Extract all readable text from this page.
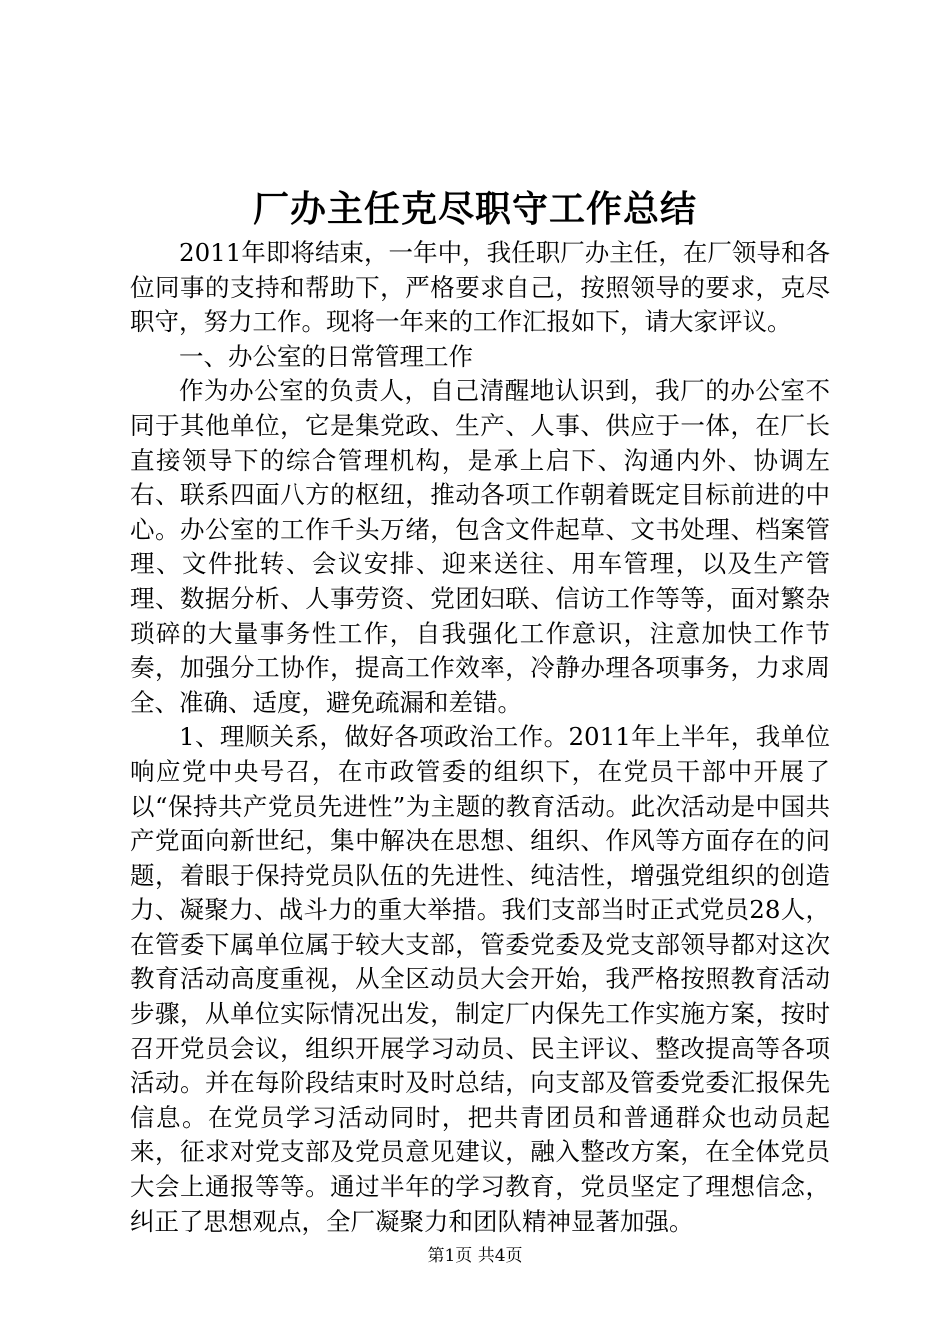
厂办主任克尽职守工作总结

2011年即将结束，一年中，我任职厂办主任，在厂领导和各位同事的支持和帮助下，严格要求自己，按照领导的要求，克尽职守，努力工作。现将一年来的工作汇报如下，请大家评议。

一、办公室的日常管理工作

作为办公室的负责人，自己清醒地认识到，我厂的办公室不同于其他单位，它是集党政、生产、人事、供应于一体，在厂长直接领导下的综合管理机构，是承上启下、沟通内外、协调左右、联系四面八方的枢纽，推动各项工作朝着既定目标前进的中心。办公室的工作千头万绪，包含文件起草、文书处理、档案管理、文件批转、会议安排、迎来送往、用车管理，以及生产管理、数据分析、人事劳资、党团妇联、信访工作等等，面对繁杂琐碎的大量事务性工作，自我强化工作意识，注意加快工作节奏，加强分工协作，提高工作效率，冷静办理各项事务，力求周全、准确、适度，避免疏漏和差错。

1、理顺关系，做好各项政治工作。2011年上半年，我单位响应党中央号召，在市政管委的组织下，在党员干部中开展了以“保持共产党员先进性”为主题的教育活动。此次活动是中国共产党面向新世纪，集中解决在思想、组织、作风等方面存在的问题，着眼于保持党员队伍的先进性、纯洁性，增强党组织的创造力、凝聚力、战斗力的重大举措。我们支部当时正式党员28人，在管委下属单位属于较大支部，管委党委及党支部领导都对这次教育活动高度重视，从全区动员大会开始，我严格按照教育活动步骤，从单位实际情况出发，制定厂内保先工作实施方案，按时召开党员会议，组织开展学习动员、民主评议、整改提高等各项活动。并在每阶段结束时及时总结，向支部及管委党委汇报保先信息。在党员学习活动同时，把共青团员和普通群众也动员起来，征求对党支部及党员意见建议，融入整改方案，在全体党员大会上通报等等。通过半年的学习教育，党员坚定了理想信念，纠正了思想观点，全厂凝聚力和团队精神显著加强。

第1页 共4页
